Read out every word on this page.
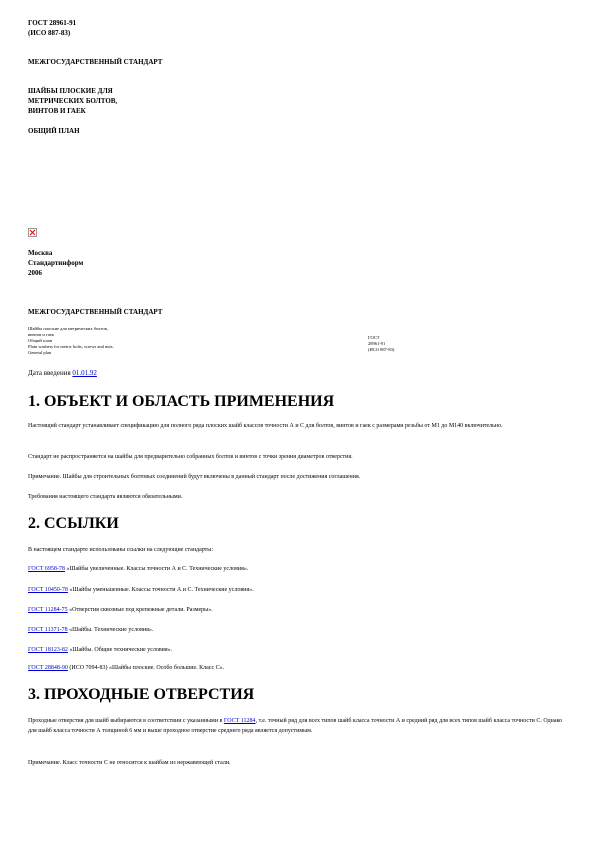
ГОСТ 28961-91
(ИСО 887-83)
МЕЖГОСУДАРСТВЕННЫЙ СТАНДАРТ
ШАЙБЫ ПЛОСКИЕ ДЛЯ
МЕТРИЧЕСКИХ БОЛТОВ,
ВИНТОВ И ГАЕК
ОБЩИЙ ПЛАН
Москва
Стандартинформ
2006
МЕЖГОСУДАРСТВЕННЫЙ СТАНДАРТ
Шайбы плоские для метрических болтов,
винтов и гаек
Общий план
Plain washers for metric bolts, screws and nuts.
General plan
ГОСТ
28961-91
(ИСО 887-83)
Дата введения 01.01.92
1. ОБЪЕКТ И ОБЛАСТЬ ПРИМЕНЕНИЯ
Настоящий стандарт устанавливает спецификацию для полного ряда плоских шайб классов точности А и С для болтов, винтов и гаек с размерами резьбы от М1 до М140 включительно.
Стандарт не распространяется на шайбы для предварительно собранных болтов и винтов с точки зрения диаметров отверстия.
Примечание. Шайбы для строительных болтовых соединений будут включены в данный стандарт после достижения соглашения.
Требования настоящего стандарта являются обязательными.
2. ССЫЛКИ
В настоящем стандарте использованы ссылки на следующие стандарты:
ГОСТ 6958-78 «Шайбы увеличенные. Классы точности А и С. Технические условия».
ГОСТ 10450-78 «Шайбы уменьшенные. Классы точности А и С. Технические условия».
ГОСТ 11284-75 «Отверстия сквозные под крепежные детали. Размеры».
ГОСТ 11371-78 «Шайбы. Технические условия».
ГОСТ 18123-82 «Шайбы. Общие технические условия».
ГОСТ 28848-90 (ИСО 7094-83) «Шайбы плоские. Особо большие. Класс С».
3. ПРОХОДНЫЕ ОТВЕРСТИЯ
Проходные отверстия для шайб выбираются в соответствии с указанными в ГОСТ 11284, т.е. точный ряд для всех типов шайб класса точности А и средний ряд для всех типов шайб класса точности С. Однако для шайб класса точности А толщиной 6 мм и выше проходное отверстие среднего ряда является допустимым.
Примечание. Класс точности С не относится к шайбам из нержавеющей стали.
